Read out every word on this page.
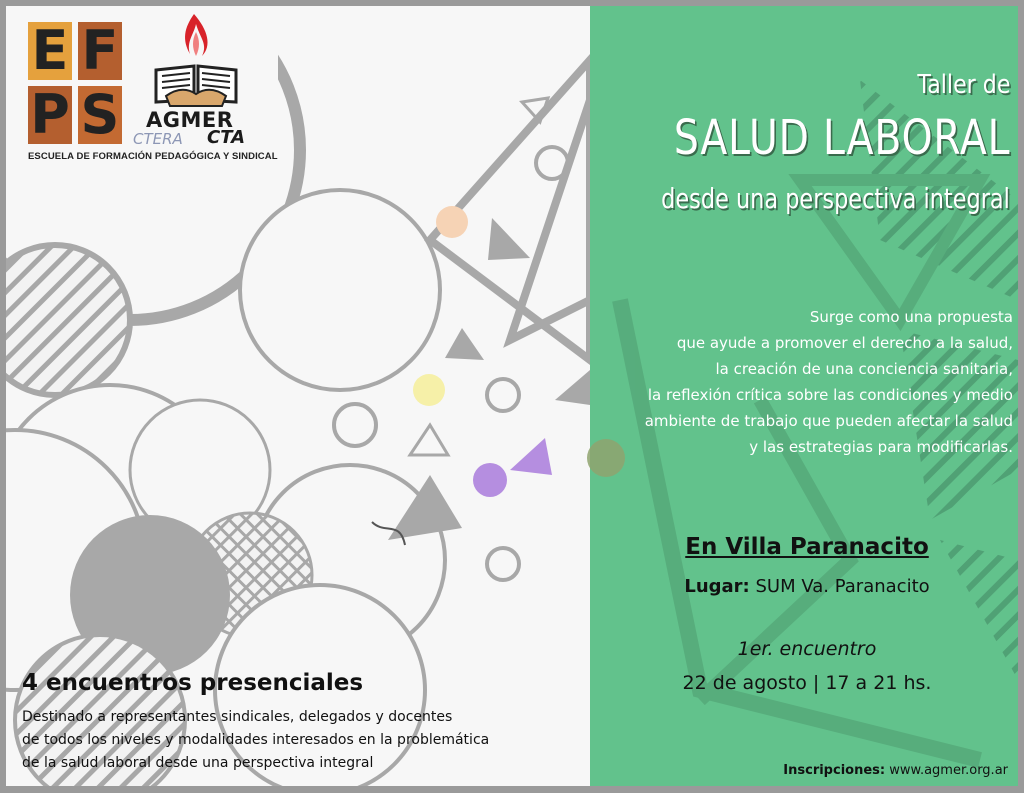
E F
P S AGMER
CTERA CTA
ESCUELA DE FORMACIÓN PEDAGÓGICA Y SINDICAL
Taller de
SALUD LABORAL
desde una perspectiva integral
Surge como una propuesta
que ayude a promover el derecho a la salud,
la creación de una conciencia sanitaria,
la reflexión crítica sobre las condiciones y medio
ambiente de trabajo que pueden afectar la salud
y las estrategias para modificarlas.
En Villa Paranacito
Lugar: SUM Va. Paranacito
1er. encuentro
22 de agosto | 17 a 21 hs.
4 encuentros presenciales
Destinado a representantes sindicales, delegados y docentes
de todos los niveles y modalidades interesados en la problemática
de la salud laboral desde una perspectiva integral	Inscripciones: www.agmer.org.ar
